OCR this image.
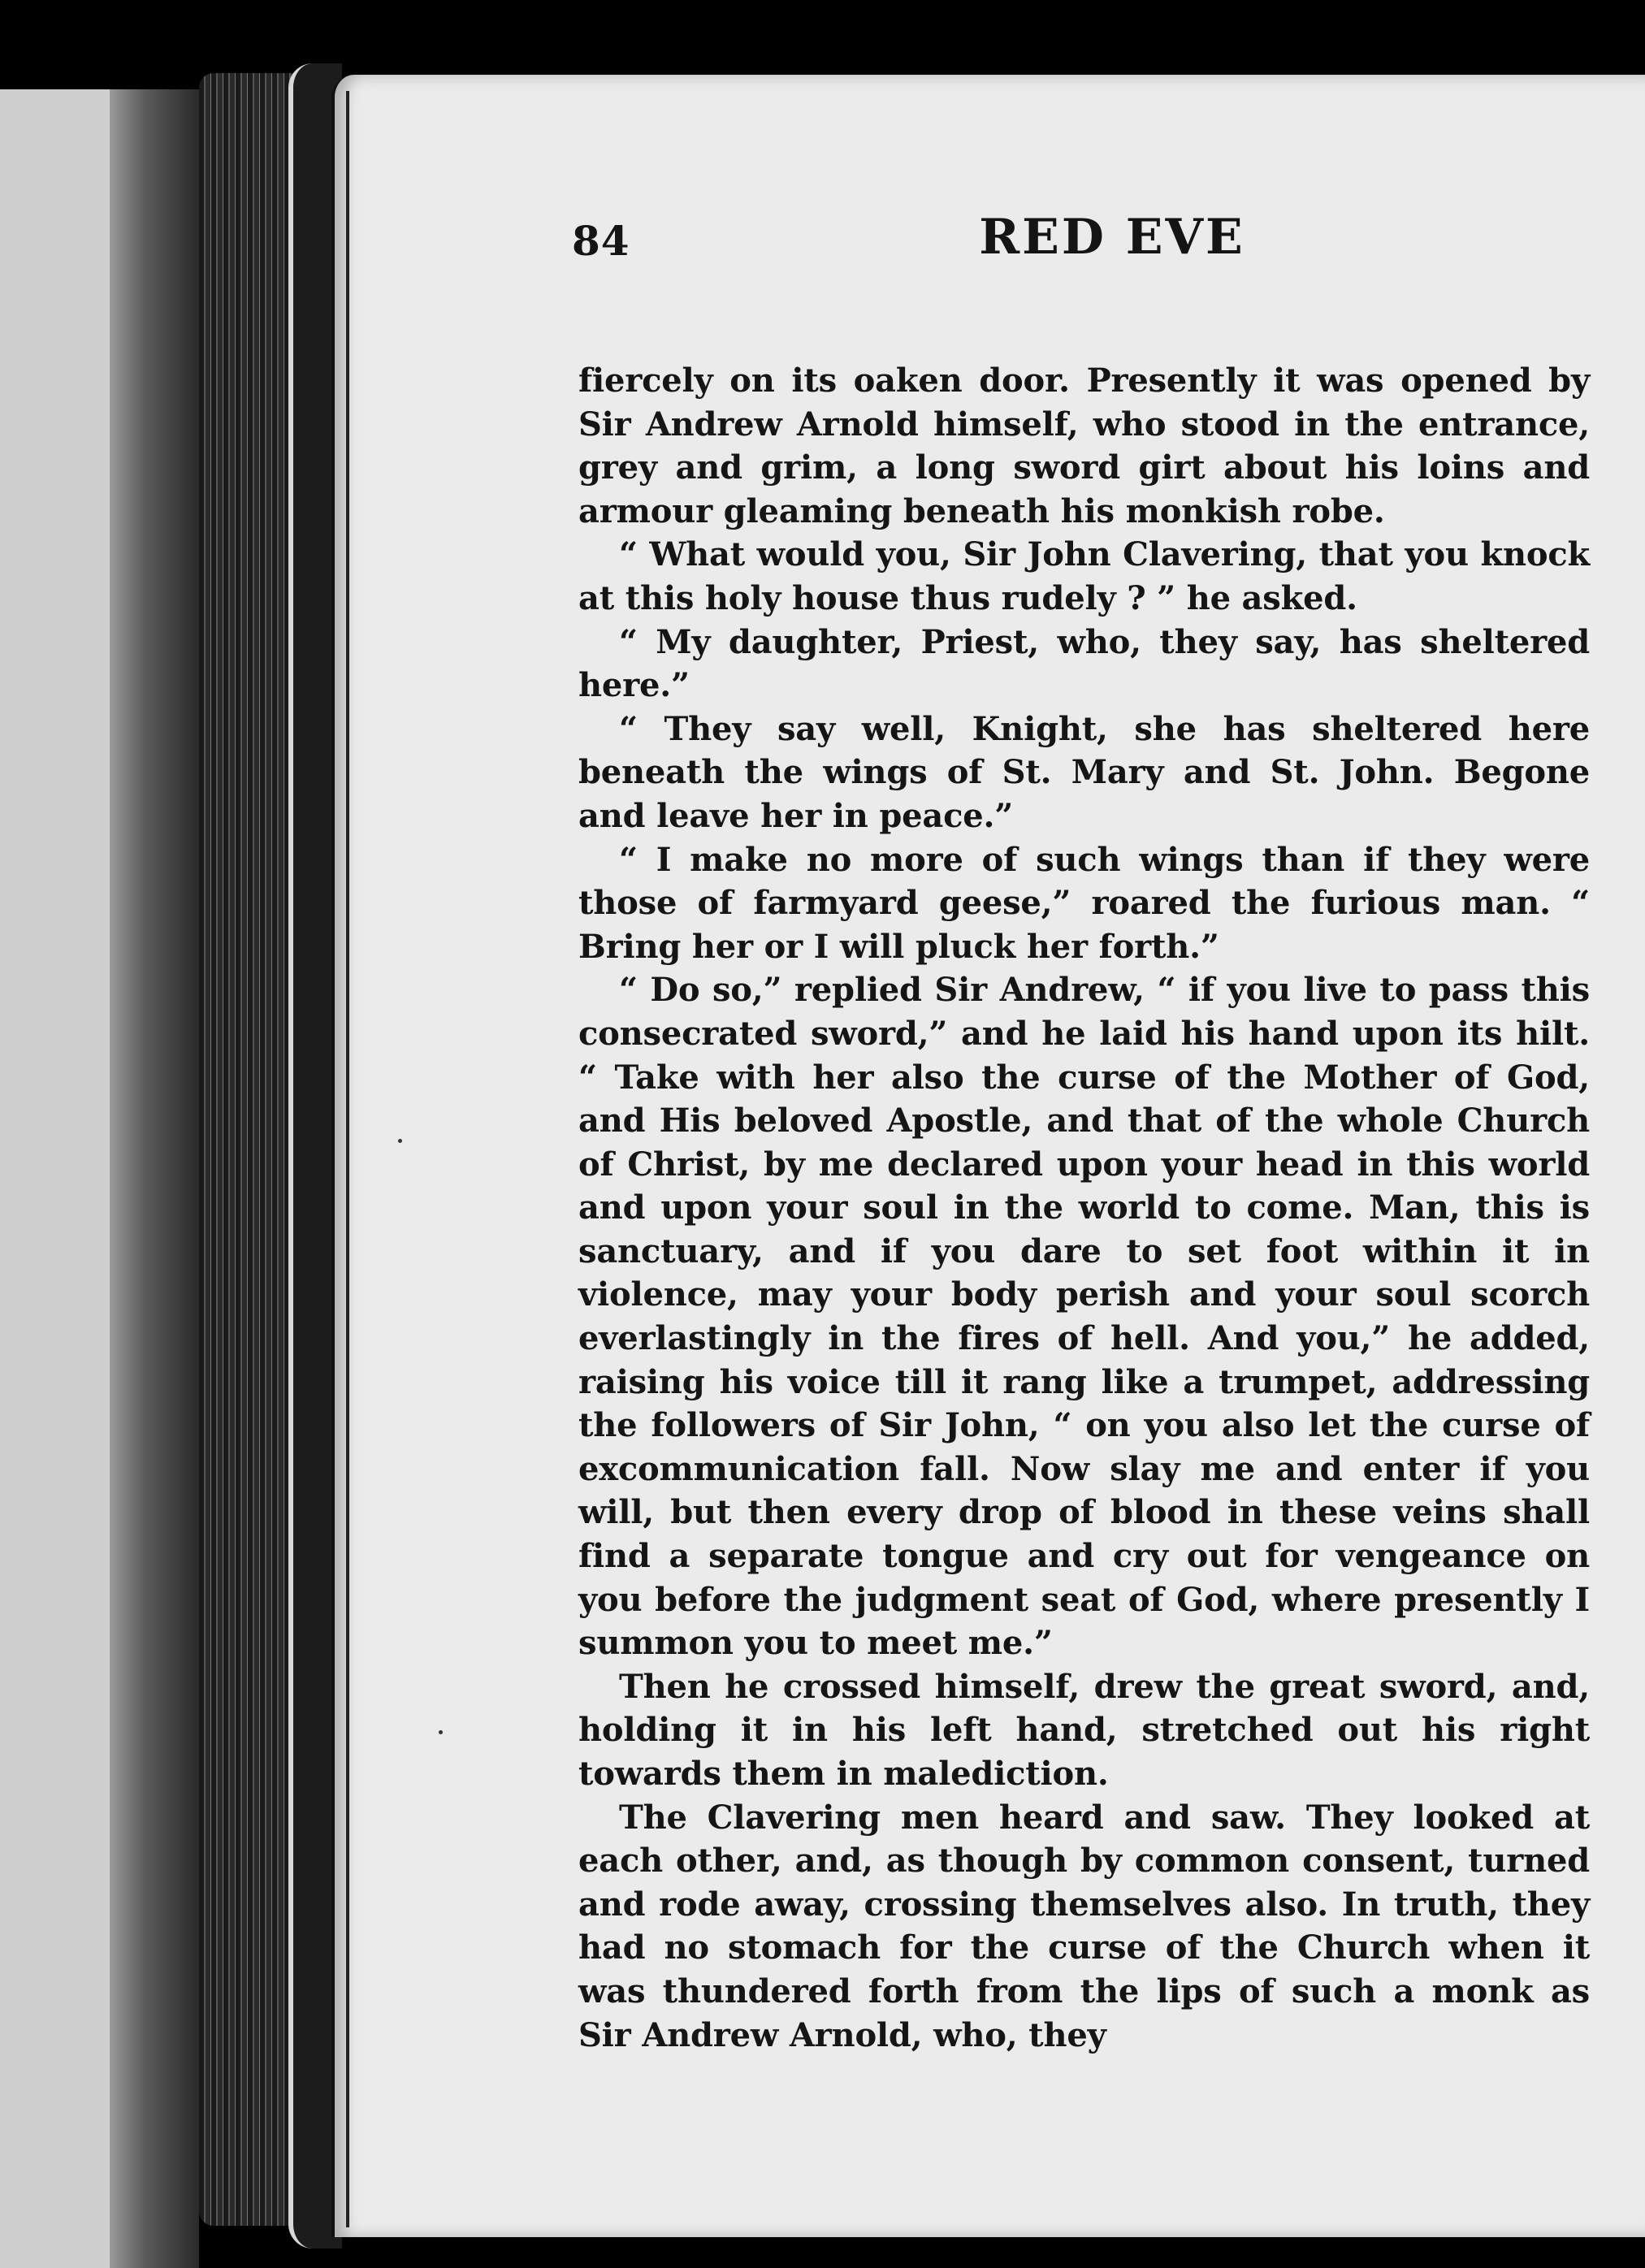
84	RED EVE

fiercely on its oaken door. Presently it was opened by Sir Andrew Arnold himself, who stood in the entrance, grey and grim, a long sword girt about his loins and armour gleaming beneath his monkish robe.

“ What would you, Sir John Clavering, that you knock at this holy house thus rudely ? ” he asked.

“ My daughter, Priest, who, they say, has sheltered here.”

“ They say well, Knight, she has sheltered here beneath the wings of St. Mary and St. John. Begone and leave her in peace.”

“ I make no more of such wings than if they were those of farmyard geese,” roared the furious man. “ Bring her or I will pluck her forth.”

“ Do so,” replied Sir Andrew, “ if you live to pass this consecrated sword,” and he laid his hand upon its hilt. “ Take with her also the curse of the Mother of God, and His beloved Apostle, and that of the whole Church of Christ, by me declared upon your head in this world and upon your soul in the world to come. Man, this is sanctuary, and if you dare to set foot within it in violence, may your body perish and your soul scorch everlastingly in the fires of hell. And you,” he added, raising his voice till it rang like a trumpet, addressing the followers of Sir John, “ on you also let the curse of excommunication fall. Now slay me and enter if you will, but then every drop of blood in these veins shall find a separate tongue and cry out for vengeance on you before the judgment seat of God, where presently I summon you to meet me.”

Then he crossed himself, drew the great sword, and, holding it in his left hand, stretched out his right towards them in malediction.

The Clavering men heard and saw. They looked at each other, and, as though by common consent, turned and rode away, crossing themselves also. In truth, they had no stomach for the curse of the Church when it was thundered forth from the lips of such a monk as Sir Andrew Arnold, who, they
